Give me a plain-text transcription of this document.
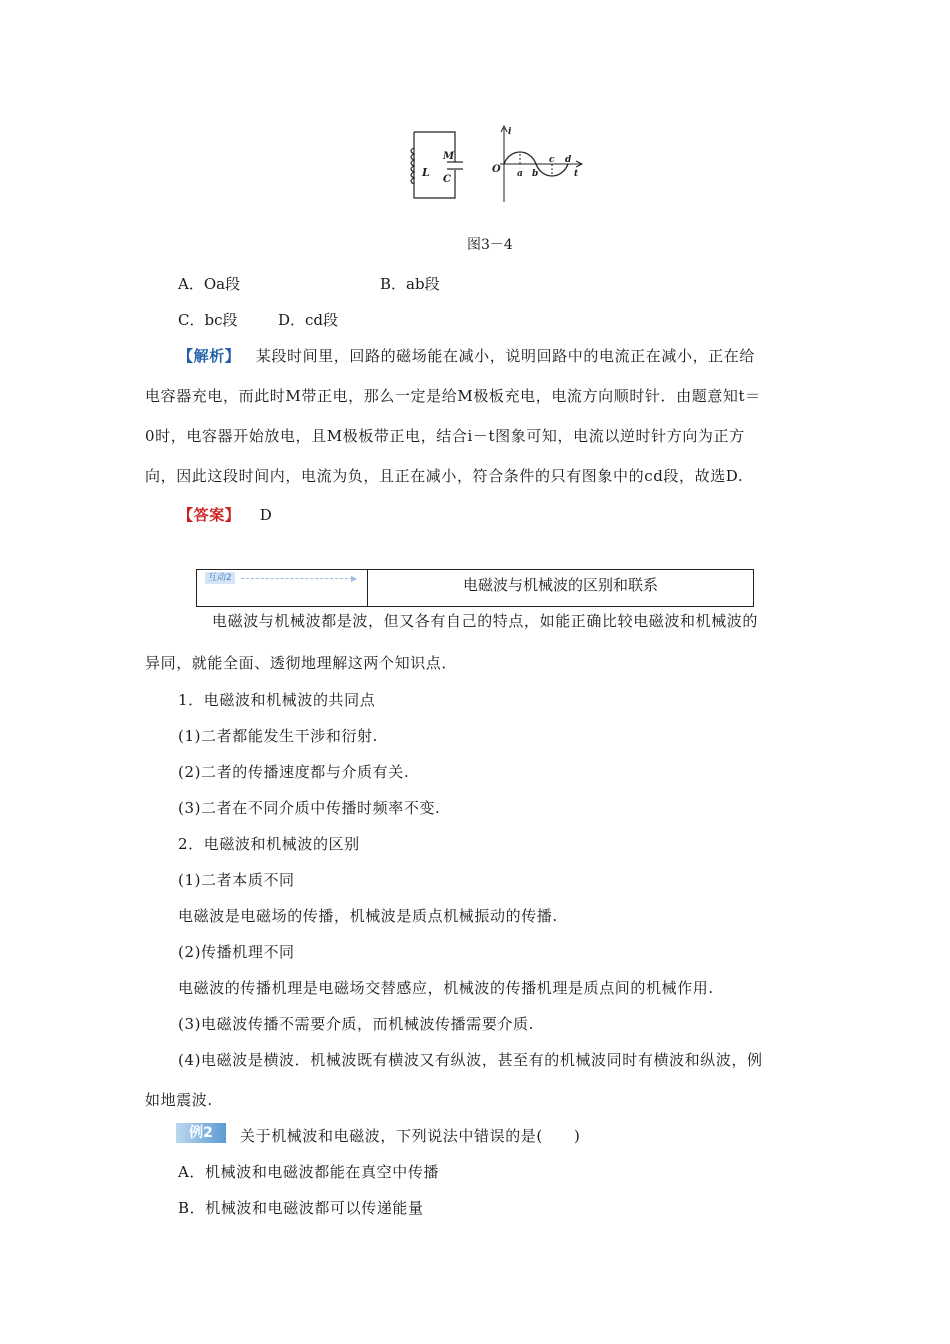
L
M
C
i
O a b
c d
t
图3－4
A．Oa段	B．ab段
C．bc段	D．cd段
【解析】 某段时间里，回路的磁场能在减小，说明回路中的电流正在减小，正在给
电容器充电，而此时M带正电，那么一定是给M极板充电，电流方向顺时针．由题意知t＝
0时，电容器开始放电，且M极板带正电，结合i－t图象可知，电流以逆时针方向为正方
向，因此这段时间内，电流为负，且正在减小，符合条件的只有图象中的cd段，故选D.
【答案】 D
互动2	▶	电磁波与机械波的区别和联系
电磁波与机械波都是波，但又各有自己的特点，如能正确比较电磁波和机械波的
异同，就能全面、透彻地理解这两个知识点．
1．电磁波和机械波的共同点
(1)二者都能发生干涉和衍射.
(2)二者的传播速度都与介质有关.
(3)二者在不同介质中传播时频率不变.
2．电磁波和机械波的区别
(1)二者本质不同
电磁波是电磁场的传播，机械波是质点机械振动的传播.
(2)传播机理不同
电磁波的传播机理是电磁场交替感应，机械波的传播机理是质点间的机械作用.
(3)电磁波传播不需要介质，而机械波传播需要介质.
(4)电磁波是横波．机械波既有横波又有纵波，甚至有的机械波同时有横波和纵波，例
如地震波.
例2	关于机械波和电磁波，下列说法中错误的是(　　)
A．机械波和电磁波都能在真空中传播
B．机械波和电磁波都可以传递能量
